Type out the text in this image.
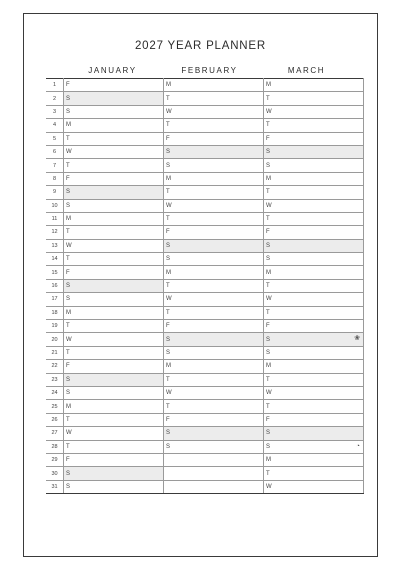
2027 YEAR PLANNER
JANUARY	FEBRUARY	MARCH
1	F	M	M
2	S	T	T
3	S	W	W
4	M	T	T
5	T	F	F
6	W	S	S
7	T	S	S
8	F	M	M
9	S	T	T
10	S	W	W
11	M	T	T
12	T	F	F
13	W	S	S
14	T	S	S
15	F	M	M
16	S	T	T
17	S	W	W
18	M	T	T
19	T	F	F
20	W	S	S ❀

21	T	S	S
22	F	M	M
23	S	T	T
24	S	W	W
25	M	T	T
26	T	F	F
27	W	S	S
28	T	S	S ◔

29	F		M
30	S		T
31	S		W
